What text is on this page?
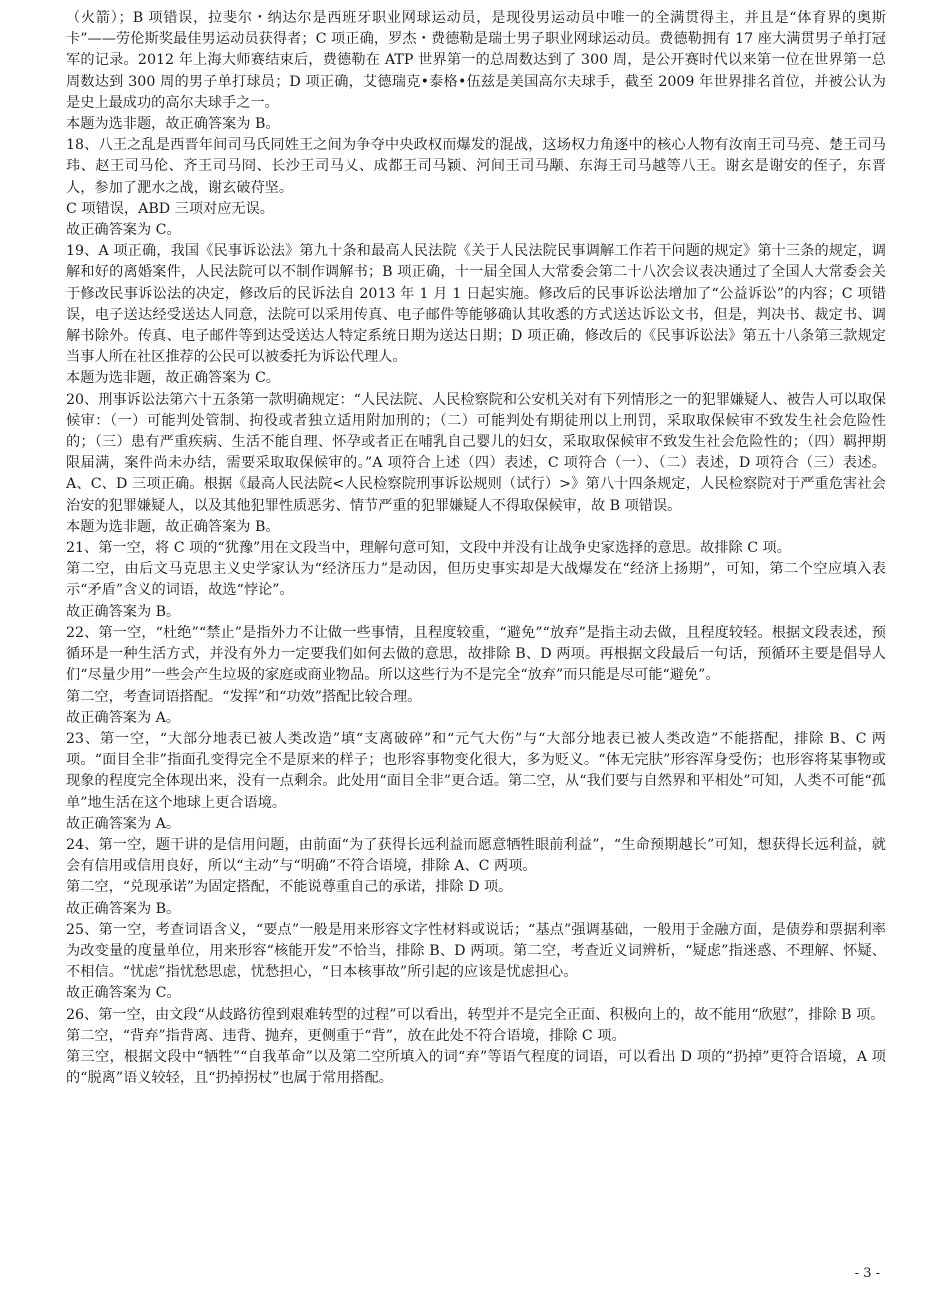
（火箭）；B 项错误，拉斐尔・纳达尔是西班牙职业网球运动员，是现役男运动员中唯一的全满贯得主，并且是“体育界的奥斯卡”——劳伦斯奖最佳男运动员获得者；C 项正确，罗杰・费德勒是瑞士男子职业网球运动员。费德勒拥有 17 座大满贯男子单打冠军的记录。2012 年上海大师赛结束后，费德勒在 ATP 世界第一的总周数达到了 300 周，是公开赛时代以来第一位在世界第一总周数达到 300 周的男子单打球员；D 项正确，艾德瑞克•泰格•伍兹是美国高尔夫球手，截至 2009 年世界排名首位，并被公认为是史上最成功的高尔夫球手之一。

本题为选非题，故正确答案为 B。

18、八王之乱是西晋年间司马氏同姓王之间为争夺中央政权而爆发的混战，这场权力角逐中的核心人物有汝南王司马亮、楚王司马玮、赵王司马伦、齐王司马冏、长沙王司马乂、成都王司马颖、河间王司马颙、东海王司马越等八王。谢玄是谢安的侄子，东晋人，参加了淝水之战，谢玄破苻坚。

C 项错误，ABD 三项对应无误。

故正确答案为 C。

19、A 项正确，我国《民事诉讼法》第九十条和最高人民法院《关于人民法院民事调解工作若干问题的规定》第十三条的规定，调解和好的离婚案件，人民法院可以不制作调解书；B 项正确，十一届全国人大常委会第二十八次会议表决通过了全国人大常委会关于修改民事诉讼法的决定，修改后的民诉法自 2013 年 1 月 1 日起实施。修改后的民事诉讼法增加了“公益诉讼”的内容；C 项错误，电子送达经受送达人同意，法院可以采用传真、电子邮件等能够确认其收悉的方式送达诉讼文书，但是，判决书、裁定书、调解书除外。传真、电子邮件等到达受送达人特定系统日期为送达日期；D 项正确，修改后的《民事诉讼法》第五十八条第三款规定当事人所在社区推荐的公民可以被委托为诉讼代理人。

本题为选非题，故正确答案为 C。

20、刑事诉讼法第六十五条第一款明确规定：“人民法院、人民检察院和公安机关对有下列情形之一的犯罪嫌疑人、被告人可以取保候审：（一）可能判处管制、拘役或者独立适用附加刑的；（二）可能判处有期徒刑以上刑罚，采取取保候审不致发生社会危险性的；（三）患有严重疾病、生活不能自理、怀孕或者正在哺乳自己婴儿的妇女，采取取保候审不致发生社会危险性的；（四）羁押期限届满，案件尚未办结，需要采取取保候审的。”A 项符合上述（四）表述，C 项符合（一）、（二）表述，D 项符合（三）表述。A、C、D 三项正确。根据《最高人民法院<人民检察院刑事诉讼规则（试行）>》第八十四条规定，人民检察院对于严重危害社会治安的犯罪嫌疑人，以及其他犯罪性质恶劣、情节严重的犯罪嫌疑人不得取保候审，故 B 项错误。

本题为选非题，故正确答案为 B。

21、第一空，将 C 项的“犹豫”用在文段当中，理解句意可知，文段中并没有让战争史家选择的意思。故排除 C 项。

第二空，由后文马克思主义史学家认为“经济压力”是动因，但历史事实却是大战爆发在“经济上扬期”，可知，第二个空应填入表示“矛盾”含义的词语，故选“悖论”。

故正确答案为 B。

22、第一空，“杜绝”“禁止”是指外力不让做一些事情，且程度较重，“避免”“放弃”是指主动去做，且程度较轻。根据文段表述，预循环是一种生活方式，并没有外力一定要我们如何去做的意思，故排除 B、D 两项。再根据文段最后一句话，预循环主要是倡导人们“尽量少用”一些会产生垃圾的家庭或商业物品。所以这些行为不是完全“放弃”而只能是尽可能“避免”。

第二空，考查词语搭配。“发挥”和“功效”搭配比较合理。

故正确答案为 A。

23、第一空，“大部分地表已被人类改造”填“支离破碎”和“元气大伤”与“大部分地表已被人类改造”不能搭配，排除 B、C 两项。“面目全非”指面孔变得完全不是原来的样子；也形容事物变化很大，多为贬义。“体无完肤”形容浑身受伤；也形容将某事物或现象的程度完全体现出来，没有一点剩余。此处用“面目全非”更合适。第二空，从“我们要与自然界和平相处”可知，人类不可能“孤单”地生活在这个地球上更合语境。

故正确答案为 A。

24、第一空，题干讲的是信用问题，由前面“为了获得长远利益而愿意牺牲眼前利益”，“生命预期越长”可知，想获得长远利益，就会有信用或信用良好，所以“主动”与“明确”不符合语境，排除 A、C 两项。

第二空，“兑现承诺”为固定搭配，不能说尊重自己的承诺，排除 D 项。

故正确答案为 B。

25、第一空，考查词语含义，“要点”一般是用来形容文字性材料或说话；“基点”强调基础，一般用于金融方面，是债券和票据利率为改变量的度量单位，用来形容“核能开发”不恰当，排除 B、D 两项。第二空，考查近义词辨析，“疑虑”指迷惑、不理解、怀疑、不相信。“忧虑”指忧愁思虑，忧愁担心，“日本核事故”所引起的应该是忧虑担心。

故正确答案为 C。

26、第一空，由文段“从歧路彷徨到艰难转型的过程”可以看出，转型并不是完全正面、积极向上的，故不能用“欣慰”，排除 B 项。

第二空，“背弃”指背离、违背、抛弃，更侧重于“背”，放在此处不符合语境，排除 C 项。

第三空，根据文段中“牺牲”“自我革命”以及第二空所填入的词“弃”等语气程度的词语，可以看出 D 项的“扔掉”更符合语境，A 项的“脱离”语义较轻，且“扔掉拐杖”也属于常用搭配。

- 3 -
